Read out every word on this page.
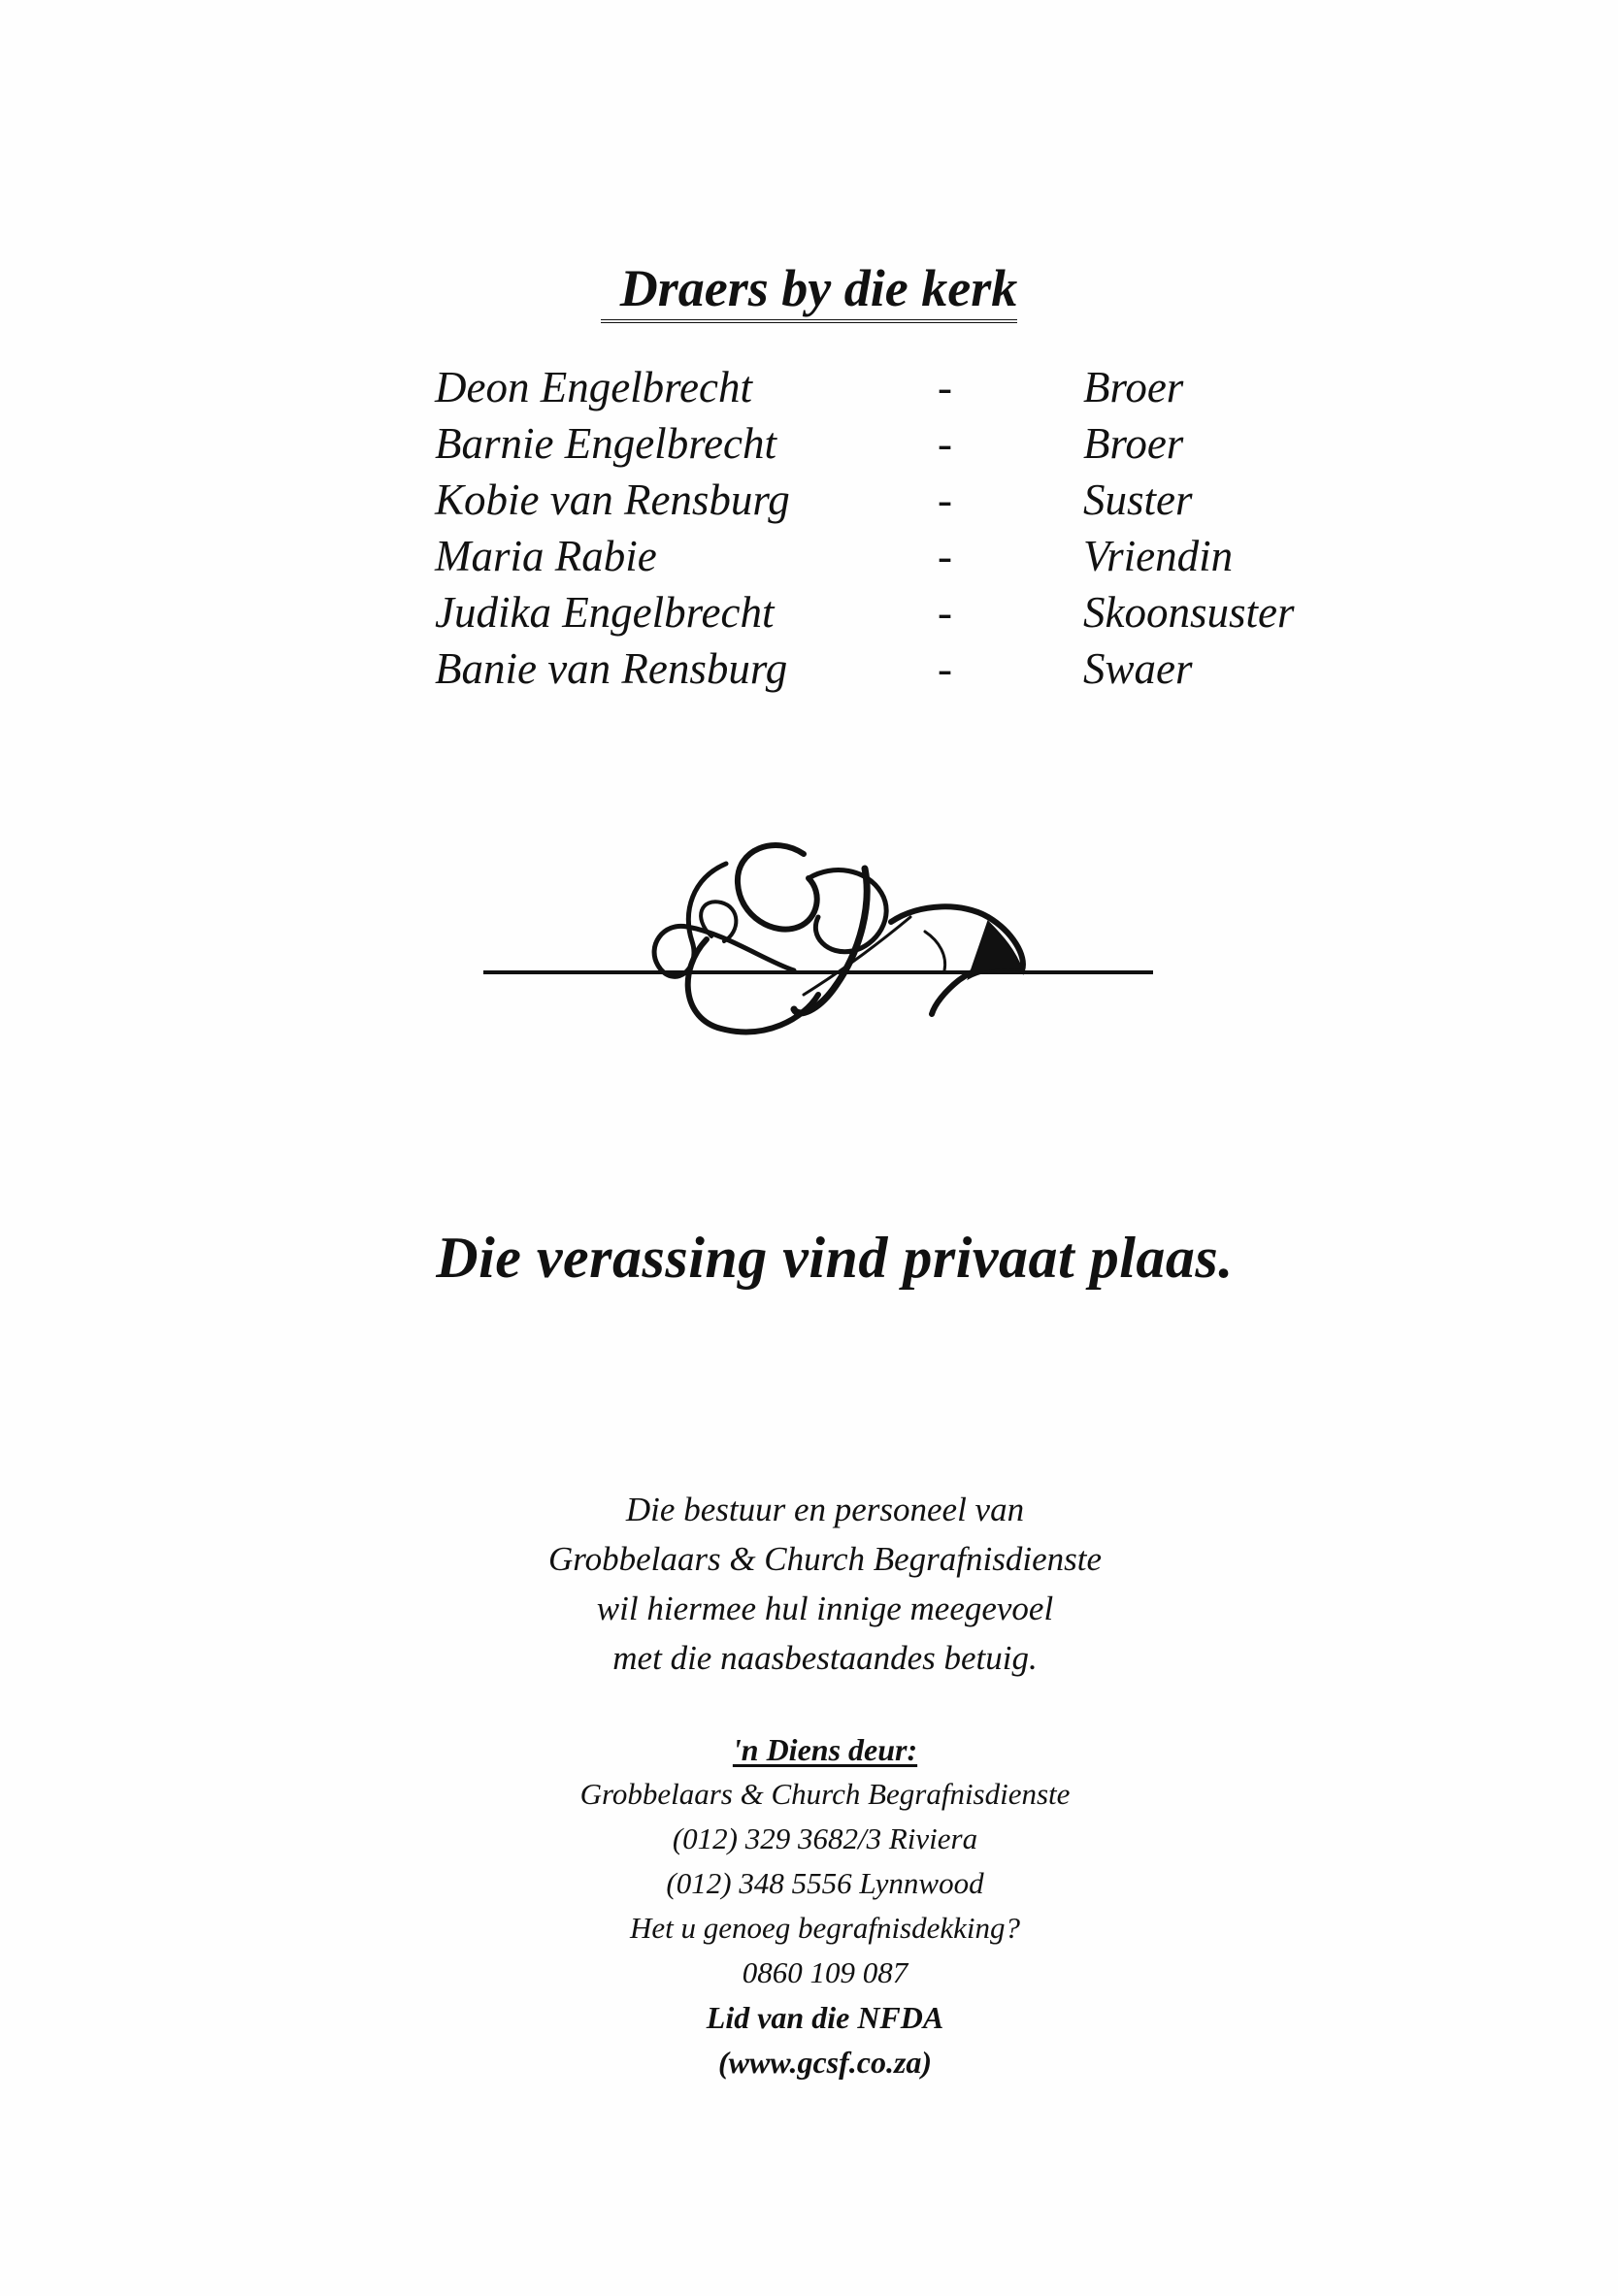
Draers by die kerk
Deon Engelbrecht	-	Broer
Barnie Engelbrecht	-	Broer
Kobie van Rensburg	-	Suster
Maria Rabie	-	Vriendin
Judika Engelbrecht	-	Skoonsuster
Banie van Rensburg	-	Swaer
Die verassing vind privaat plaas.
Die bestuur en personeel van
Grobbelaars & Church Begrafnisdienste
wil hiermee hul innige meegevoel
met die naasbestaandes betuig.
'n Diens deur:
Grobbelaars & Church Begrafnisdienste
(012) 329 3682/3 Riviera
(012) 348 5556 Lynnwood
Het u genoeg begrafnisdekking?
0860 109 087
Lid van die NFDA
(www.gcsf.co.za)
